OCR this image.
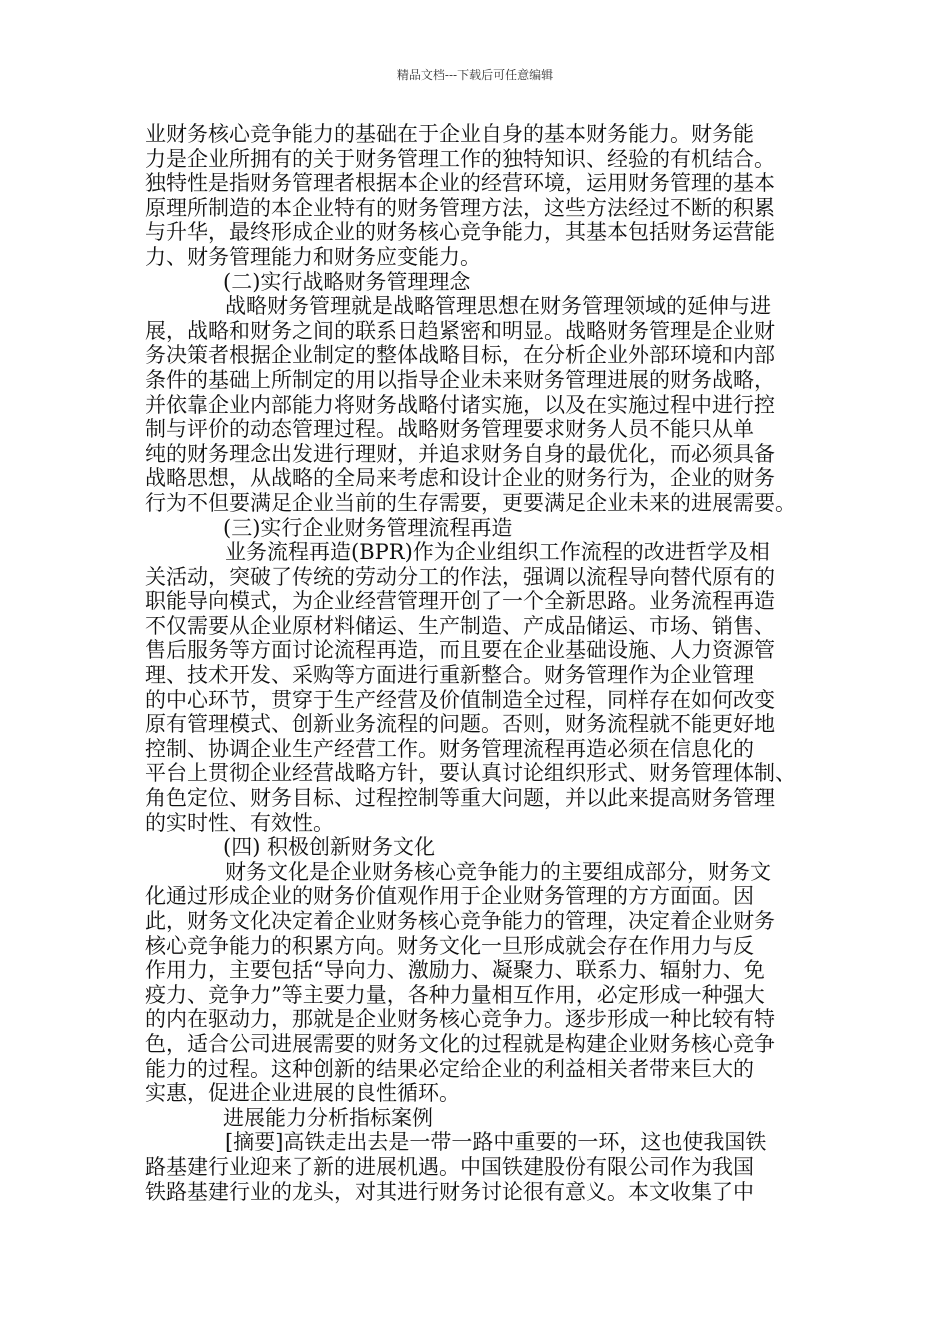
精品文档---下载后可任意编辑
业财务核心竞争能力的基础在于企业自身的基本财务能力。财务能
力是企业所拥有的关于财务管理工作的独特知识、经验的有机结合。
独特性是指财务管理者根据本企业的经营环境，运用财务管理的基本
原理所制造的本企业特有的财务管理方法，这些方法经过不断的积累
与升华，最终形成企业的财务核心竞争能力，其基本包括财务运营能
力、财务管理能力和财务应变能力。
(二)实行战略财务管理理念
战略财务管理就是战略管理思想在财务管理领域的延伸与进
展，战略和财务之间的联系日趋紧密和明显。战略财务管理是企业财
务决策者根据企业制定的整体战略目标，在分析企业外部环境和内部
条件的基础上所制定的用以指导企业未来财务管理进展的财务战略，
并依靠企业内部能力将财务战略付诸实施，以及在实施过程中进行控
制与评价的动态管理过程。战略财务管理要求财务人员不能只从单
纯的财务理念出发进行理财，并追求财务自身的最优化，而必须具备
战略思想，从战略的全局来考虑和设计企业的财务行为，企业的财务
行为不但要满足企业当前的生存需要，更要满足企业未来的进展需要。
(三)实行企业财务管理流程再造
业务流程再造(BPR)作为企业组织工作流程的改进哲学及相
关活动，突破了传统的劳动分工的作法，强调以流程导向替代原有的
职能导向模式，为企业经营管理开创了一个全新思路。业务流程再造
不仅需要从企业原材料储运、生产制造、产成品储运、市场、销售、
售后服务等方面讨论流程再造，而且要在企业基础设施、人力资源管
理、技术开发、采购等方面进行重新整合。财务管理作为企业管理
的中心环节，贯穿于生产经营及价值制造全过程，同样存在如何改变
原有管理模式、创新业务流程的问题。否则，财务流程就不能更好地
控制、协调企业生产经营工作。财务管理流程再造必须在信息化的
平台上贯彻企业经营战略方针，要认真讨论组织形式、财务管理体制、
角色定位、财务目标、过程控制等重大问题，并以此来提高财务管理
的实时性、有效性。
(四) 积极创新财务文化
财务文化是企业财务核心竞争能力的主要组成部分，财务文
化通过形成企业的财务价值观作用于企业财务管理的方方面面。因
此，财务文化决定着企业财务核心竞争能力的管理，决定着企业财务
核心竞争能力的积累方向。财务文化一旦形成就会存在作用力与反
作用力，主要包括“导向力、激励力、凝聚力、联系力、辐射力、免
疫力、竞争力”等主要力量，各种力量相互作用，必定形成一种强大
的内在驱动力，那就是企业财务核心竞争力。逐步形成一种比较有特
色，适合公司进展需要的财务文化的过程就是构建企业财务核心竞争
能力的过程。这种创新的结果必定给企业的利益相关者带来巨大的
实惠，促进企业进展的良性循环。
进展能力分析指标案例
[摘要]高铁走出去是一带一路中重要的一环，这也使我国铁
路基建行业迎来了新的进展机遇。中国铁建股份有限公司作为我国
铁路基建行业的龙头，对其进行财务讨论很有意义。本文收集了中
